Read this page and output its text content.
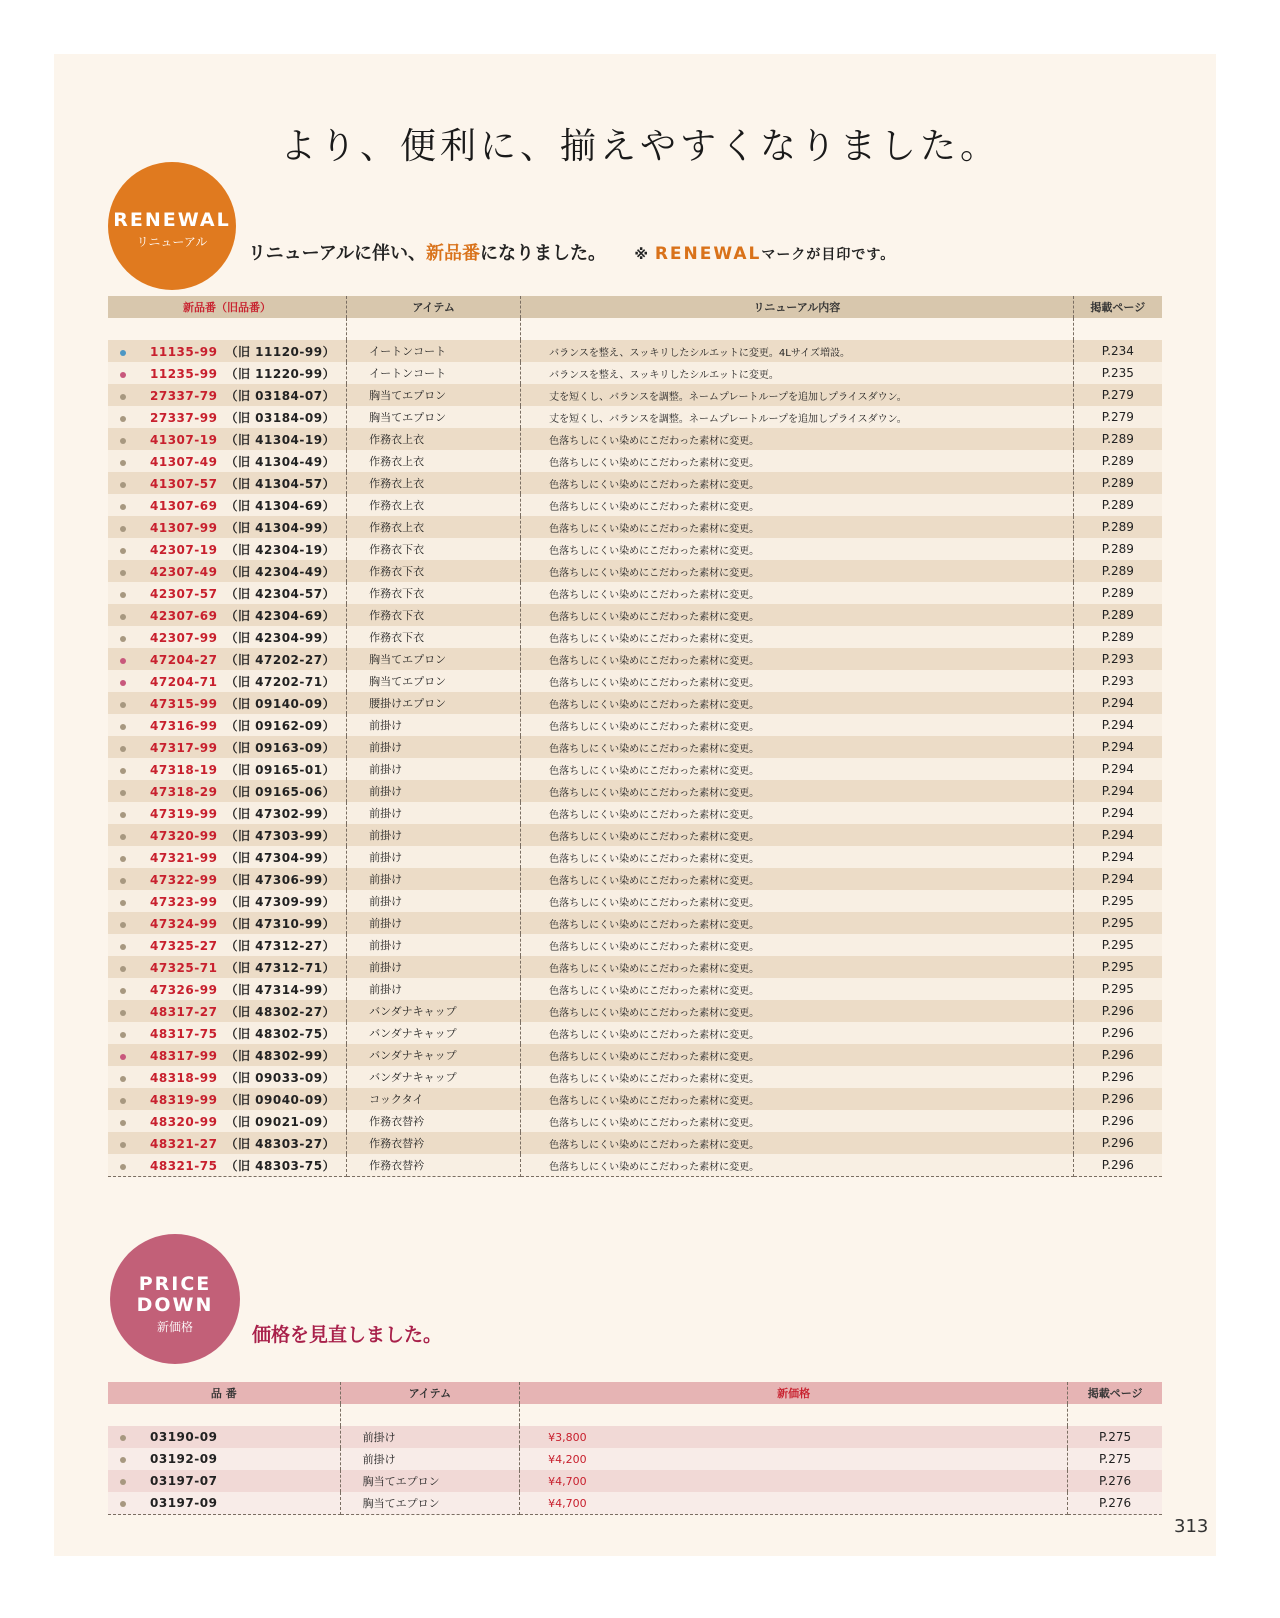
より、便利に、揃えやすくなりました。
RENEWAL
リニューアル
リニューアルに伴い、新品番になりました。 ※ RENEWALマークが目印です。
新品番（旧品番）	アイテム	リニューアル内容	掲載ページ

11135-99 （旧 11120-99）	イートンコート	バランスを整え、スッキリしたシルエットに変更。4Lサイズ増設。	P.234
11235-99 （旧 11220-99）	イートンコート	バランスを整え、スッキリしたシルエットに変更。	P.235
27337-79 （旧 03184-07）	胸当てエプロン	丈を短くし、バランスを調整。ネームプレートループを追加しプライスダウン。	P.279
27337-99 （旧 03184-09）	胸当てエプロン	丈を短くし、バランスを調整。ネームプレートループを追加しプライスダウン。	P.279
41307-19 （旧 41304-19）	作務衣上衣	色落ちしにくい染めにこだわった素材に変更。	P.289
41307-49 （旧 41304-49）	作務衣上衣	色落ちしにくい染めにこだわった素材に変更。	P.289
41307-57 （旧 41304-57）	作務衣上衣	色落ちしにくい染めにこだわった素材に変更。	P.289
41307-69 （旧 41304-69）	作務衣上衣	色落ちしにくい染めにこだわった素材に変更。	P.289
41307-99 （旧 41304-99）	作務衣上衣	色落ちしにくい染めにこだわった素材に変更。	P.289
42307-19 （旧 42304-19）	作務衣下衣	色落ちしにくい染めにこだわった素材に変更。	P.289
42307-49 （旧 42304-49）	作務衣下衣	色落ちしにくい染めにこだわった素材に変更。	P.289
42307-57 （旧 42304-57）	作務衣下衣	色落ちしにくい染めにこだわった素材に変更。	P.289
42307-69 （旧 42304-69）	作務衣下衣	色落ちしにくい染めにこだわった素材に変更。	P.289
42307-99 （旧 42304-99）	作務衣下衣	色落ちしにくい染めにこだわった素材に変更。	P.289
47204-27 （旧 47202-27）	胸当てエプロン	色落ちしにくい染めにこだわった素材に変更。	P.293
47204-71 （旧 47202-71）	胸当てエプロン	色落ちしにくい染めにこだわった素材に変更。	P.293
47315-99 （旧 09140-09）	腰掛けエプロン	色落ちしにくい染めにこだわった素材に変更。	P.294
47316-99 （旧 09162-09）	前掛け	色落ちしにくい染めにこだわった素材に変更。	P.294
47317-99 （旧 09163-09）	前掛け	色落ちしにくい染めにこだわった素材に変更。	P.294
47318-19 （旧 09165-01）	前掛け	色落ちしにくい染めにこだわった素材に変更。	P.294
47318-29 （旧 09165-06）	前掛け	色落ちしにくい染めにこだわった素材に変更。	P.294
47319-99 （旧 47302-99）	前掛け	色落ちしにくい染めにこだわった素材に変更。	P.294
47320-99 （旧 47303-99）	前掛け	色落ちしにくい染めにこだわった素材に変更。	P.294
47321-99 （旧 47304-99）	前掛け	色落ちしにくい染めにこだわった素材に変更。	P.294
47322-99 （旧 47306-99）	前掛け	色落ちしにくい染めにこだわった素材に変更。	P.294
47323-99 （旧 47309-99）	前掛け	色落ちしにくい染めにこだわった素材に変更。	P.295
47324-99 （旧 47310-99）	前掛け	色落ちしにくい染めにこだわった素材に変更。	P.295
47325-27 （旧 47312-27）	前掛け	色落ちしにくい染めにこだわった素材に変更。	P.295
47325-71 （旧 47312-71）	前掛け	色落ちしにくい染めにこだわった素材に変更。	P.295
47326-99 （旧 47314-99）	前掛け	色落ちしにくい染めにこだわった素材に変更。	P.295
48317-27 （旧 48302-27）	バンダナキャップ	色落ちしにくい染めにこだわった素材に変更。	P.296
48317-75 （旧 48302-75）	バンダナキャップ	色落ちしにくい染めにこだわった素材に変更。	P.296
48317-99 （旧 48302-99）	バンダナキャップ	色落ちしにくい染めにこだわった素材に変更。	P.296
48318-99 （旧 09033-09）	バンダナキャップ	色落ちしにくい染めにこだわった素材に変更。	P.296
48319-99 （旧 09040-09）	コックタイ	色落ちしにくい染めにこだわった素材に変更。	P.296
48320-99 （旧 09021-09）	作務衣替衿	色落ちしにくい染めにこだわった素材に変更。	P.296
48321-27 （旧 48303-27）	作務衣替衿	色落ちしにくい染めにこだわった素材に変更。	P.296
48321-75 （旧 48303-75）	作務衣替衿	色落ちしにくい染めにこだわった素材に変更。	P.296
PRICE
DOWN
新価格	価格を見直しました。
品 番	アイテム	新価格	掲載ページ

03190-09	前掛け	¥3,800	P.275
03192-09	前掛け	¥4,200	P.275
03197-07	胸当てエプロン	¥4,700	P.276
03197-09	胸当てエプロン	¥4,700	P.276
313
